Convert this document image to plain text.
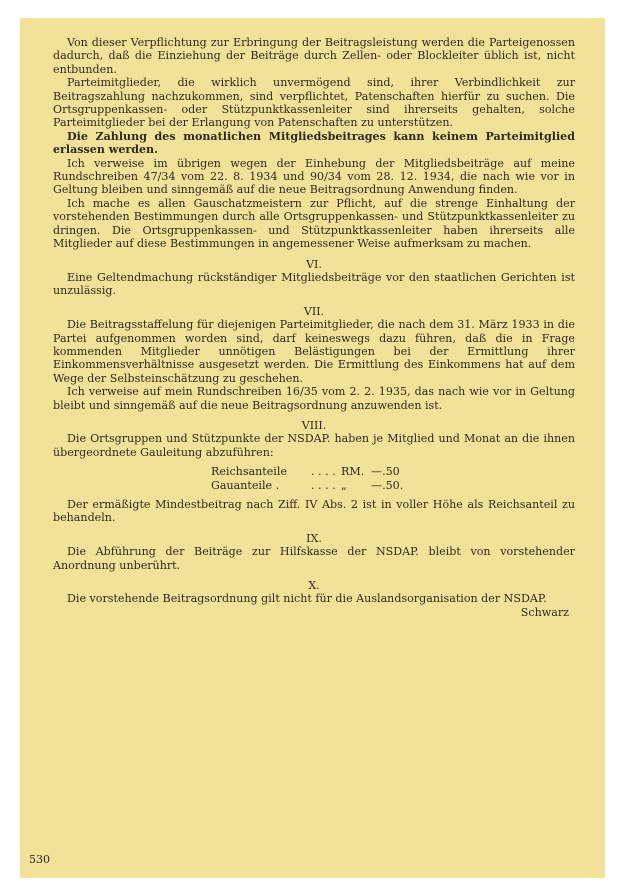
Von dieser Verpflichtung zur Erbringung der Beitragsleistung werden die Parteigenossen dadurch, daß die Einziehung der Beiträge durch Zellen- oder Blockleiter üblich ist, nicht entbunden.

Parteimitglieder, die wirklich unvermögend sind, ihrer Verbindlichkeit zur Beitragszahlung nachzukommen, sind verpflichtet, Patenschaften hierfür zu suchen. Die Ortsgruppenkassen- oder Stützpunktkassenleiter sind ihrerseits gehalten, solche Parteimitglieder bei der Erlangung von Patenschaften zu unterstützen.

Die Zahlung des monatlichen Mitgliedsbeitrages kann keinem Parteimitglied erlassen werden.

Ich verweise im übrigen wegen der Einhebung der Mitgliedsbeiträge auf meine Rundschreiben 47/34 vom 22. 8. 1934 und 90/34 vom 28. 12. 1934, die nach wie vor in Geltung bleiben und sinngemäß auf die neue Beitragsordnung Anwendung finden.

Ich mache es allen Gauschatzmeistern zur Pflicht, auf die strenge Einhaltung der vorstehenden Bestimmungen durch alle Ortsgruppenkassen- und Stützpunktkassenleiter zu dringen. Die Ortsgruppenkassen- und Stützpunktkassenleiter haben ihrerseits alle Mitglieder auf diese Bestimmungen in angemessener Weise aufmerksam zu machen.

VI.

Eine Geltendmachung rückständiger Mitgliedsbeiträge vor den staatlichen Gerichten ist unzulässig.

VII.

Die Beitragsstaffelung für diejenigen Parteimitglieder, die nach dem 31. März 1933 in die Partei aufgenommen worden sind, darf keineswegs dazu führen, daß die in Frage kommenden Mitglieder unnötigen Belästigungen bei der Ermittlung ihrer Einkommensverhältnisse ausgesetzt werden. Die Ermittlung des Einkommens hat auf dem Wege der Selbsteinschätzung zu geschehen.

Ich verweise auf mein Rundschreiben 16/35 vom 2. 2. 1935, das nach wie vor in Geltung bleibt und sinngemäß auf die neue Beitragsordnung anzuwenden ist.

VIII.

Die Ortsgruppen und Stützpunkte der NSDAP. haben je Mitglied und Monat an die ihnen übergeordnete Gauleitung abzuführen:

Reichsanteile	. . . . RM. —.50
Gauanteile .	. . . . „	—.50.

Der ermäßigte Mindestbeitrag nach Ziff. IV Abs. 2 ist in voller Höhe als Reichsanteil zu behandeln.

IX.

Die Abführung der Beiträge zur Hilfskasse der NSDAP. bleibt von vorstehender Anordnung unberührt.

X.

Die vorstehende Beitragsordnung gilt nicht für die Auslandsorganisation der NSDAP.

Schwarz

530
